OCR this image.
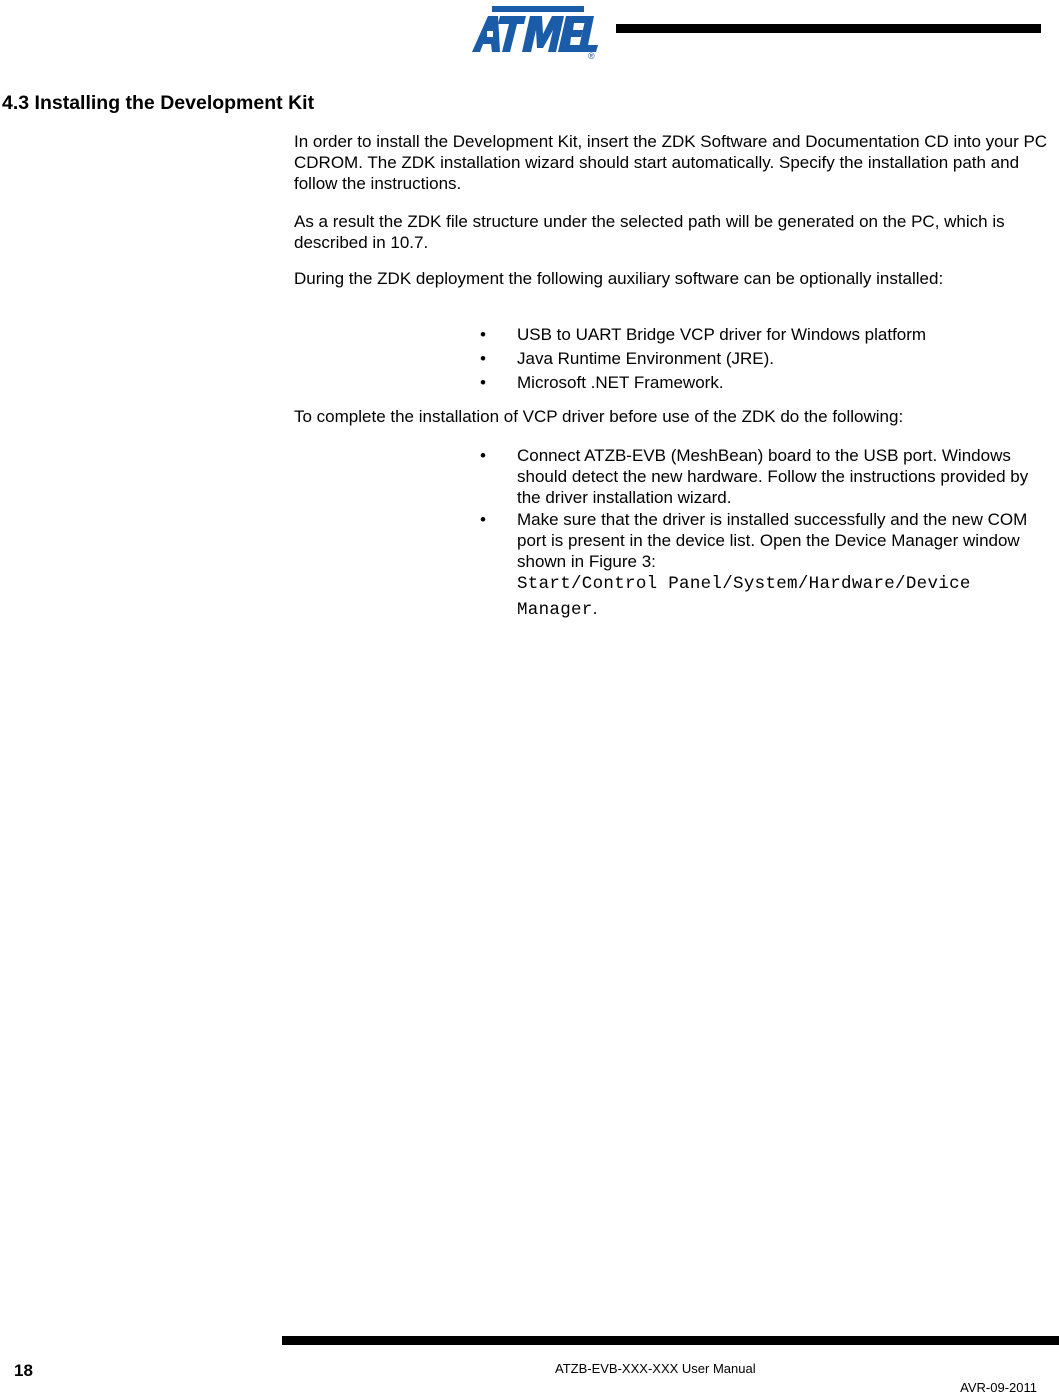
®
4.3 Installing the Development Kit
In order to install the Development Kit, insert the ZDK Software and Documentation CD into your PC CDROM. The ZDK installation wizard should start automatically. Specify the installation path and follow the instructions.
As a result the ZDK file structure under the selected path will be generated on the PC, which is described in 10.7.
During the ZDK deployment the following auxiliary software can be optionally installed:
• USB to UART Bridge VCP driver for Windows platform
• Java Runtime Environment (JRE).
• Microsoft .NET Framework.
To complete the installation of VCP driver before use of the ZDK do the following:
• Connect ATZB-EVB (MeshBean) board to the USB port. Windows should detect the new hardware. Follow the instructions provided by the driver installation wizard.
• Make sure that the driver is installed successfully and the new COM port is present in the device list. Open the Device Manager window shown in Figure 3:
Start/Control Panel/System/Hardware/Device
Manager.
18	ATZB-EVB-XXX-XXX User Manual
AVR-09-2011
